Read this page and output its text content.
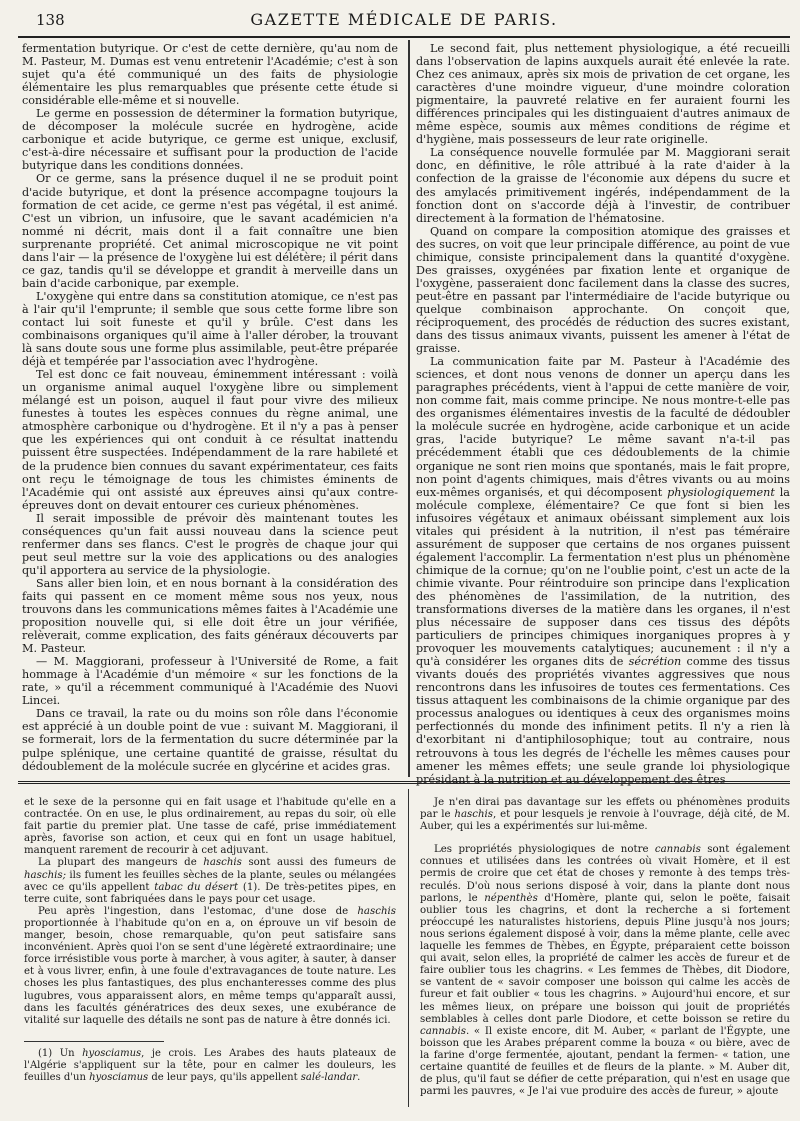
138	GAZETTE MÉDICALE DE PARIS.

fermentation butyrique. Or c'est de cette dernière, qu'au nom de M. Pasteur, M. Dumas est venu entretenir l'Académie; c'est à son sujet qu'a été communiqué un des faits de physiologie élémentaire les plus remarquables que présente cette étude si considérable elle-même et si nouvelle.

Le germe en possession de déterminer la formation butyrique, de décomposer la molécule sucrée en hydrogène, acide carbonique et acide butyrique, ce germe est unique, exclusif, c'est-à-dire nécessaire et suffisant pour la production de l'acide butyrique dans les conditions données.

Or ce germe, sans la présence duquel il ne se produit point d'acide butyrique, et dont la présence accompagne toujours la formation de cet acide, ce germe n'est pas végétal, il est animé. C'est un vibrion, un infusoire, que le savant académicien n'a nommé ni décrit, mais dont il a fait connaître une bien surprenante propriété. Cet animal microscopique ne vit point dans l'air — la présence de l'oxygène lui est délétère; il périt dans ce gaz, tandis qu'il se développe et grandit à merveille dans un bain d'acide carbonique, par exemple.

L'oxygène qui entre dans sa constitution atomique, ce n'est pas à l'air qu'il l'emprunte; il semble que sous cette forme libre son contact lui soit funeste et qu'il y brûle. C'est dans les combinaisons organiques qu'il aime à l'aller dérober, la trouvant là sans doute sous une forme plus assimilable, peut-être préparée déjà et tempérée par l'association avec l'hydrogène.

Tel est donc ce fait nouveau, éminemment intéressant : voilà un organisme animal auquel l'oxygène libre ou simplement mélangé est un poison, auquel il faut pour vivre des milieux funestes à toutes les espèces connues du règne animal, une atmosphère carbonique ou d'hydrogène. Et il n'y a pas à penser que les expériences qui ont conduit à ce résultat inattendu puissent être suspectées. Indépendamment de la rare habileté et de la prudence bien connues du savant expérimentateur, ces faits ont reçu le témoignage de tous les chimistes éminents de l'Académie qui ont assisté aux épreuves ainsi qu'aux contre-épreuves dont on devait entourer ces curieux phénomènes.

Il serait impossible de prévoir dès maintenant toutes les conséquences qu'un fait aussi nouveau dans la science peut renfermer dans ses flancs. C'est le progrès de chaque jour qui peut seul mettre sur la voie des applications ou des analogies qu'il apportera au service de la physiologie.

Sans aller bien loin, et en nous bornant à la considération des faits qui passent en ce moment même sous nos yeux, nous trouvons dans les communications mêmes faites à l'Académie une proposition nouvelle qui, si elle doit être un jour vérifiée, relèverait, comme explication, des faits généraux découverts par M. Pasteur.

— M. Maggiorani, professeur à l'Université de Rome, a fait hommage à l'Académie d'un mémoire « sur les fonctions de la rate, » qu'il a récemment communiqué à l'Académie des Nuovi Lincei.

Dans ce travail, la rate ou du moins son rôle dans l'économie est apprécié à un double point de vue : suivant M. Maggiorani, il se formerait, lors de la fermentation du sucre déterminée par la pulpe splénique, une certaine quantité de graisse, résultat du dédoublement de la molécule sucrée en glycérine et acides gras.

Le second fait, plus nettement physiologique, a été recueilli dans l'observation de lapins auxquels aurait été enlevée la rate. Chez ces animaux, après six mois de privation de cet organe, les caractères d'une moindre vigueur, d'une moindre coloration pigmentaire, la pauvreté relative en fer auraient fourni les différences principales qui les distinguaient d'autres animaux de même espèce, soumis aux mêmes conditions de régime et d'hygiène, mais possesseurs de leur rate originelle.

La conséquence nouvelle formulée par M. Maggiorani serait donc, en définitive, le rôle attribué à la rate d'aider à la confection de la graisse de l'économie aux dépens du sucre et des amylacés primitivement ingérés, indépendamment de la fonction dont on s'accorde déjà à l'investir, de contribuer directement à la formation de l'hématosine.

Quand on compare la composition atomique des graisses et des sucres, on voit que leur principale différence, au point de vue chimique, consiste principalement dans la quantité d'oxygène. Des graisses, oxygénées par fixation lente et organique de l'oxygène, passeraient donc facilement dans la classe des sucres, peut-être en passant par l'intermédiaire de l'acide butyrique ou quelque combinaison approchante. On conçoit que, réciproquement, des procédés de réduction des sucres existant, dans des tissus animaux vivants, puissent les amener à l'état de graisse.

La communication faite par M. Pasteur à l'Académie des sciences, et dont nous venons de donner un aperçu dans les paragraphes précédents, vient à l'appui de cette manière de voir, non comme fait, mais comme principe. Ne nous montre-t-elle pas des organismes élémentaires investis de la faculté de dédoubler la molécule sucrée en hydrogène, acide carbonique et un acide gras, l'acide butyrique? Le même savant n'a-t-il pas précédemment établi que ces dédoublements de la chimie organique ne sont rien moins que spontanés, mais le fait propre, non point d'agents chimiques, mais d'êtres vivants ou au moins eux-mêmes organisés, et qui décomposent physiologiquement la molécule complexe, élémentaire? Ce que font si bien les infusoires végétaux et animaux obéissant simplement aux lois vitales qui président à la nutrition, il n'est pas téméraire assurément de supposer que certains de nos organes puissent également l'accomplir. La fermentation n'est plus un phénomène chimique de la cornue; qu'on ne l'oublie point, c'est un acte de la chimie vivante. Pour réintroduire son principe dans l'explication des phénomènes de l'assimilation, de la nutrition, des transformations diverses de la matière dans les organes, il n'est plus nécessaire de supposer dans ces tissus des dépôts particuliers de principes chimiques inorganiques propres à y provoquer les mouvements catalytiques; aucunement : il n'y a qu'à considérer les organes dits de sécrétion comme des tissus vivants doués des propriétés vivantes aggressives que nous rencontrons dans les infusoires de toutes ces fermentations. Ces tissus attaquent les combinaisons de la chimie organique par des processus analogues ou identiques à ceux des organismes moins perfectionnés du monde des infiniment petits. Il n'y a rien là d'exorbitant ni d'antiphilosophique; tout au contraire, nous retrouvons à tous les degrés de l'échelle les mêmes causes pour amener les mêmes effets; une seule grande loi physiologique présidant à la nutrition et au développement des êtres

et le sexe de la personne qui en fait usage et l'habitude qu'elle en a contractée. On en use, le plus ordinairement, au repas du soir, où elle fait partie du premier plat. Une tasse de café, prise immédiatement après, favorise son action, et ceux qui en font un usage habituel, manquent rarement de recourir à cet adjuvant.

La plupart des mangeurs de haschis sont aussi des fumeurs de haschis; ils fument les feuilles sèches de la plante, seules ou mélangées avec ce qu'ils appellent tabac du désert (1). De très-petites pipes, en terre cuite, sont fabriquées dans le pays pour cet usage.

Peu après l'ingestion, dans l'estomac, d'une dose de haschis proportionnée à l'habitude qu'on en a, on éprouve un vif besoin de manger, besoin, chose remarquable, qu'on peut satisfaire sans inconvénient. Après quoi l'on se sent d'une légèreté extraordinaire; une force irrésistible vous porte à marcher, à vous agiter, à sauter, à danser et à vous livrer, enfin, à une foule d'extravagances de toute nature. Les choses les plus fantastiques, des plus enchanteresses comme des plus lugubres, vous apparaissent alors, en même temps qu'apparaît aussi, dans les facultés génératrices des deux sexes, une exubérance de vitalité sur laquelle des détails ne sont pas de nature à être donnés ici.

(1) Un hyosciamus, je crois. Les Arabes des hauts plateaux de l'Algérie s'appliquent sur la tête, pour en calmer les douleurs, les feuilles d'un hyosciamus de leur pays, qu'ils appellent salé-landar.

Je n'en dirai pas davantage sur les effets ou phénomènes produits par le haschis, et pour lesquels je renvoie à l'ouvrage, déjà cité, de M. Auber, qui les a expérimentés sur lui-même.

Les propriétés physiologiques de notre cannabis sont également connues et utilisées dans les contrées où vivait Homère, et il est permis de croire que cet état de choses y remonte à des temps très-reculés. D'où nous serions disposé à voir, dans la plante dont nous parlons, le népenthès d'Homère, plante qui, selon le poëte, faisait oublier tous les chagrins, et dont la recherche a si fortement préoccupé les naturalistes historiens, depuis Pline jusqu'à nos jours; nous serions également disposé à voir, dans la même plante, celle avec laquelle les femmes de Thèbes, en Égypte, préparaient cette boisson qui avait, selon elles, la propriété de calmer les accès de fureur et de faire oublier tous les chagrins. « Les femmes de Thèbes, dit Diodore, se vantent de « savoir composer une boisson qui calme les accès de fureur et fait oublier « tous les chagrins. » Aujourd'hui encore, et sur les mêmes lieux, on prépare une boisson qui jouit de propriétés semblables à celles dont parle Diodore, et cette boisson se retire du cannabis. « Il existe encore, dit M. Auber, « parlant de l'Égypte, une boisson que les Arabes préparent comme la bouza « ou bière, avec de la farine d'orge fermentée, ajoutant, pendant la fermen- « tation, une certaine quantité de feuilles et de fleurs de la plante. » M. Auber dit, de plus, qu'il faut se défier de cette préparation, qui n'est en usage que parmi les pauvres, « Je l'ai vue produire des accès de fureur, » ajoute
